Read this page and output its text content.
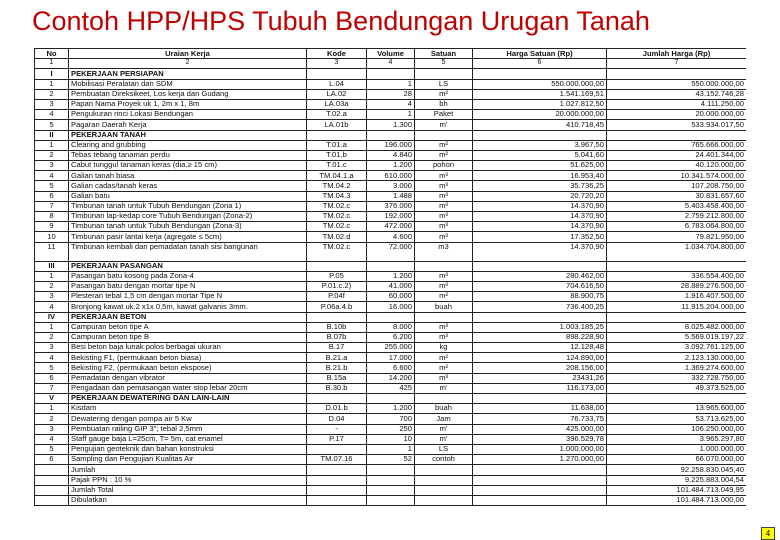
Contoh HPP/HPS Tubuh Bendungan Urugan Tanah
No	Uraian Kerja	Kode	Volume	Satuan	Harga Satuan (Rp)	Jumlah Harga (Rp)
1	2	3	4	5	6	7
I	PEKERJAAN PERSIAPAN					
1	Mobilisasi Peralatan dan SDM	L.04	1	LS	550.000.000,00	550.000.000,00
2	Pembuatan Direksikeet, Los kerja dan Gudang	LA.02	28	m²	1.541.169,51	43.152.746,28
3	Papan Nama Proyek uk 1, 2m x 1, 8m	LA.03a	4	bh	1.027.812,50	4.111.250,00
4	Pengukuran rinci Lokasi Bendungan	T.02.a	1	Paket	20.000.000,00	20.000.000,00
5	Pagaran Daerah Kerja	LA.01b	1.300	m'	410.718,45	533.934.017,50
II	PEKERJAAN TANAH					
1	Clearing and grubbing	T.01.a	196.000	m²	3.967,50	765.666.000,00
2	Tebas tebang tanaman perdu	T.01.b	4.840	m²	5.041,60	24.401.344,00
3	Cabut tunggul tanaman keras (dia.≥ 15 cm)	T.01.c	1.200	pohon	51.625,00	40.120.000,00
4	Galian tanah biasa	TM.04.1.a	610.000	m³	16.953,40	10.341.574.000,00
5	Galian cadas/tanah keras	TM.04.2	3.000	m³	35.736,25	107.208.750,00
6	Galian batu	TM.04.3	1.488	m³	20.720,20	30.831.657,60
7	Timbunan tanah untuk Tubuh Bendungan (Zona 1)	TM.02.c	376.000	m³	14.370,90	5.403.458.400,00
8	Timbunan lap-kedap core Tubuh Bendungan (Zona-2)	TM.02.c	192.000	m³	14.370,90	2.759.212.800,00
9	Timbunan tanah untuk Tubuh Bendungan (Zona-3)	TM.02.c	472.000	m³	14.370,90	6.783.064.800,00
10	Timbunan pasir lantai kerja (agregate ≤ 5cm)	TM.02.d	4.600	m³	17.352,50	79.821.950,00
11	Timbunan kembali dan pemadatan tanah sisi bangunan	TM.02.c	72.000	m3	14.370,90	1.034.704.800,00
III	PEKERJAAN PASANGAN					
1	Pasangan batu kosong pada Zona-4	P.05	1.200	m³	280.462,00	336.554.400,00
2	Pasangan batu dengan mortar tipe N	P.01.c.2)	41.000	m³	704.616,50	28.889.276.500,00
3	Plesteran tebal 1,5 cm dengan mortar Tipe N	P.04f	60.000	m²	88.900,75	1.916.407.500,00
4	Bronjong kawat uk.2 x1x 0,5m, kawat galvanis 3mm.	P.06a.4.b	16.000	buah	736.400,25	11.915.204.000,00
IV	PEKERJAAN BETON					
1	Campuran beton tipe A	B.10b	8.000	m³	1.003.185,25	8.025.482.000,00
2	Campuran beton tipe B	B.07b	6.200	m³	898.228,90	5.569.019.197,22
3	Besi beton baja lunak polos berbagai ukuran	B.17	255.000	kg	12.128,48	3.092.761.125,00
4	Bekisting F1, (permukaan beton biasa)	B.21.a	17.000	m²	124.890,00	2.123.130.000,00
5	Bekisting F2, (permukaan beton ekspose)	B.21.b	6.600	m²	208.156,00	1.369.274.600,00
6	Pemadatan dengan vibrator	B.15a	14.200	m³	23431,26	332.728.750,00
7	Pengadaan dan pemasangan water stop lebar 20cm	B.30.b	425	m'	116.173,00	49.373.525,00
V	PEKERJAAN DEWATERING DAN LAIN-LAIN					
1	Kisdam	D.01.b	1.200	buah	11.638,00	13.965.600,00
2	Dewatering dengan pompa air 5 Kw	D.04	700	Jam	76.733,75	53.713.625,00
3	Pembuatan railing GIP 3"; tebal 2,5mm	-	250	m'	425.000,00	106.250.000,00
4	Staff gauge baja L=25cm, T= 5m, cat enamel	P.17	10	m'	396.529,78	3.965.297,80
5	Pengujian geoteknik dan bahan konstruksi		1	LS	1.000.000,00	1.000.000,00
6	Sampling dan Pengujian Kualitas Air	TM.07.16	52	contoh	1.270.000,00	66.070.000,00
	Jumlah					92.258.830.045,40
	Pajak PPN : 10 %					9.225.883.004,54
	Jumlah Total					101.484.713.049,95
	Dibulatkan					101.484.713.000,00
4
